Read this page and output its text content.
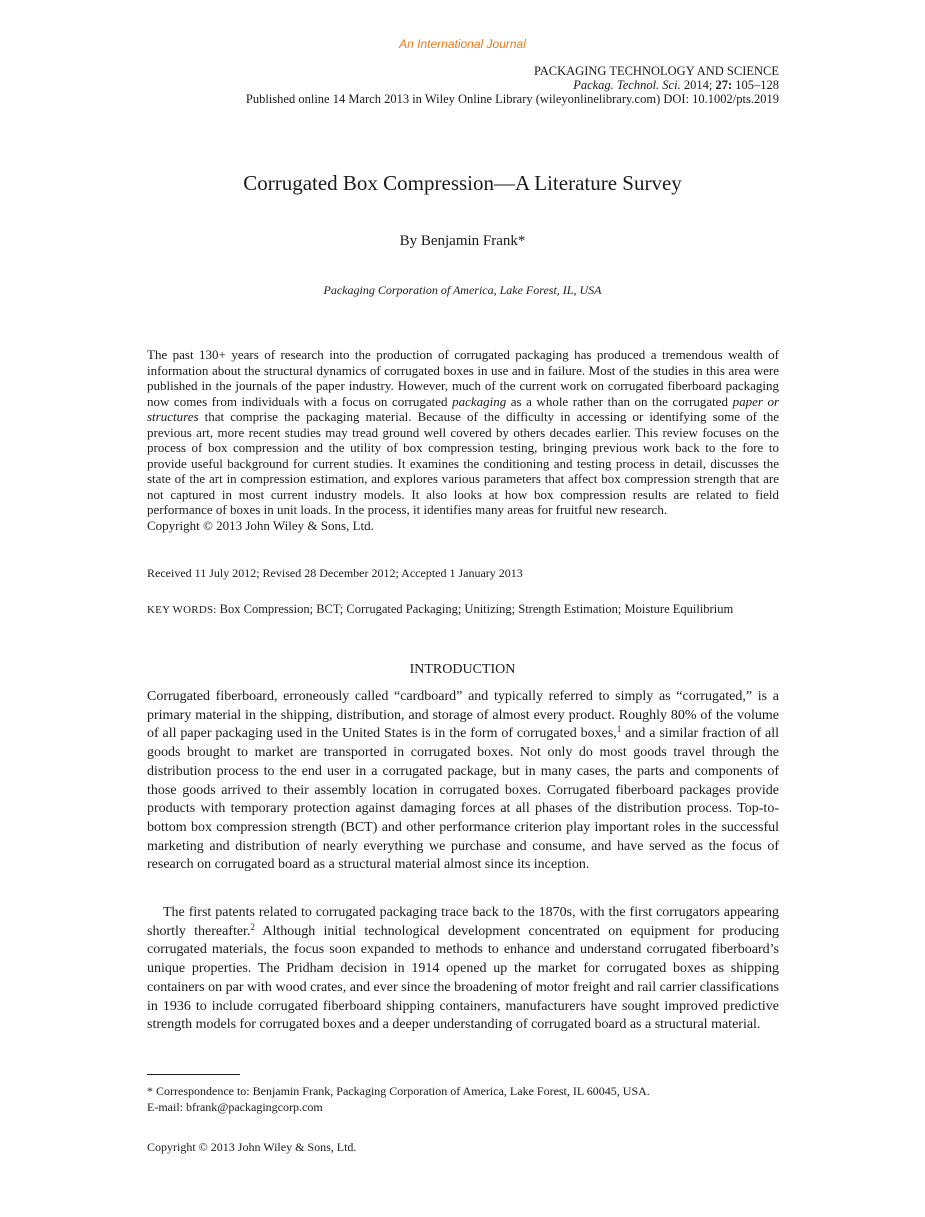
An International Journal
PACKAGING TECHNOLOGY AND SCIENCE
Packag. Technol. Sci. 2014; 27: 105–128
Published online 14 March 2013 in Wiley Online Library (wileyonlinelibrary.com) DOI: 10.1002/pts.2019
Corrugated Box Compression—A Literature Survey
By Benjamin Frank*
Packaging Corporation of America, Lake Forest, IL, USA

The past 130+ years of research into the production of corrugated packaging has produced a tremendous wealth of information about the structural dynamics of corrugated boxes in use and in failure. Most of the studies in this area were published in the journals of the paper industry. However, much of the current work on corrugated fiberboard packaging now comes from individuals with a focus on corrugated packaging as a whole rather than on the corrugated paper or structures that comprise the packaging material. Because of the difficulty in accessing or identifying some of the previous art, more recent studies may tread ground well covered by others decades earlier. This review focuses on the process of box compression and the utility of box compression testing, bringing previous work back to the fore to provide useful background for current studies. It examines the conditioning and testing process in detail, discusses the state of the art in compression estimation, and explores various parameters that affect box compression strength that are not captured in most current industry models. It also looks at how box compression results are related to field performance of boxes in unit loads. In the process, it identifies many areas for fruitful new research.
Copyright © 2013 John Wiley & Sons, Ltd.

Received 11 July 2012; Revised 28 December 2012; Accepted 1 January 2013

KEY WORDS: Box Compression; BCT; Corrugated Packaging; Unitizing; Strength Estimation; Moisture Equilibrium

INTRODUCTION

Corrugated fiberboard, erroneously called “cardboard” and typically referred to simply as “corrugated,” is a primary material in the shipping, distribution, and storage of almost every product. Roughly 80% of the volume of all paper packaging used in the United States is in the form of corrugated boxes,$^1$ and a similar fraction of all goods brought to market are transported in corrugated boxes. Not only do most goods travel through the distribution process to the end user in a corrugated package, but in many cases, the parts and components of those goods arrived to their assembly location in corrugated boxes. Corrugated fiberboard packages provide products with temporary protection against damaging forces at all phases of the distribution process. Top-to-bottom box compression strength (BCT) and other performance criterion play important roles in the successful marketing and distribution of nearly everything we purchase and consume, and have served as the focus of research on corrugated board as a structural material almost since its inception.

The first patents related to corrugated packaging trace back to the 1870s, with the first corrugators appearing shortly thereafter.$^2$ Although initial technological development concentrated on equipment for producing corrugated materials, the focus soon expanded to methods to enhance and understand corrugated fiberboard’s unique properties. The Pridham decision in 1914 opened up the market for corrugated boxes as shipping containers on par with wood crates, and ever since the broadening of motor freight and rail carrier classifications in 1936 to include corrugated fiberboard shipping containers, manufacturers have sought improved predictive strength models for corrugated boxes and a deeper understanding of corrugated board as a structural material.

* Correspondence to: Benjamin Frank, Packaging Corporation of America, Lake Forest, IL 60045, USA.

E-mail: bfrank@packagingcorp.com

Copyright © 2013 John Wiley & Sons, Ltd.
